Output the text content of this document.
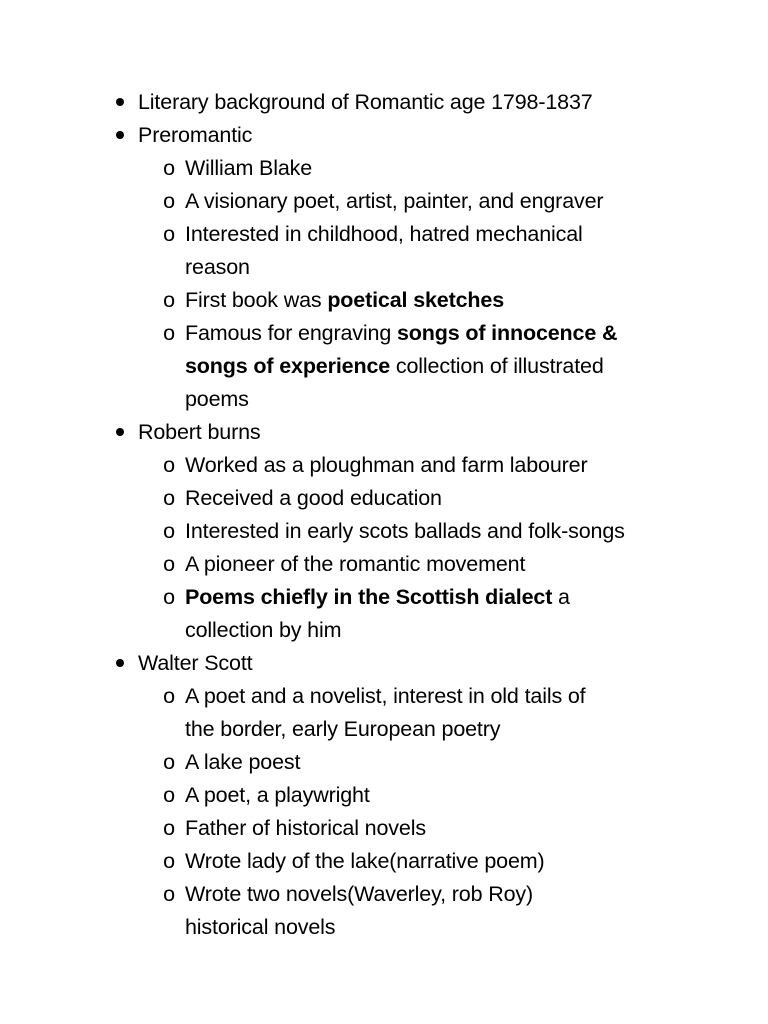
Literary background of Romantic age 1798-1837
Preromantic
o William Blake
o A visionary poet, artist, painter, and engraver
o Interested in childhood, hatred mechanical
reason
o First book was poetical sketches
o Famous for engraving songs of innocence &
songs of experience collection of illustrated
poems
Robert burns
o Worked as a ploughman and farm labourer
o Received a good education
o Interested in early scots ballads and folk-songs
o A pioneer of the romantic movement
o Poems chiefly in the Scottish dialect a
collection by him
Walter Scott
o A poet and a novelist, interest in old tails of
the border, early European poetry
o A lake poest
o A poet, a playwright
o Father of historical novels
o Wrote lady of the lake(narrative poem)
o Wrote two novels(Waverley, rob Roy)
historical novels
